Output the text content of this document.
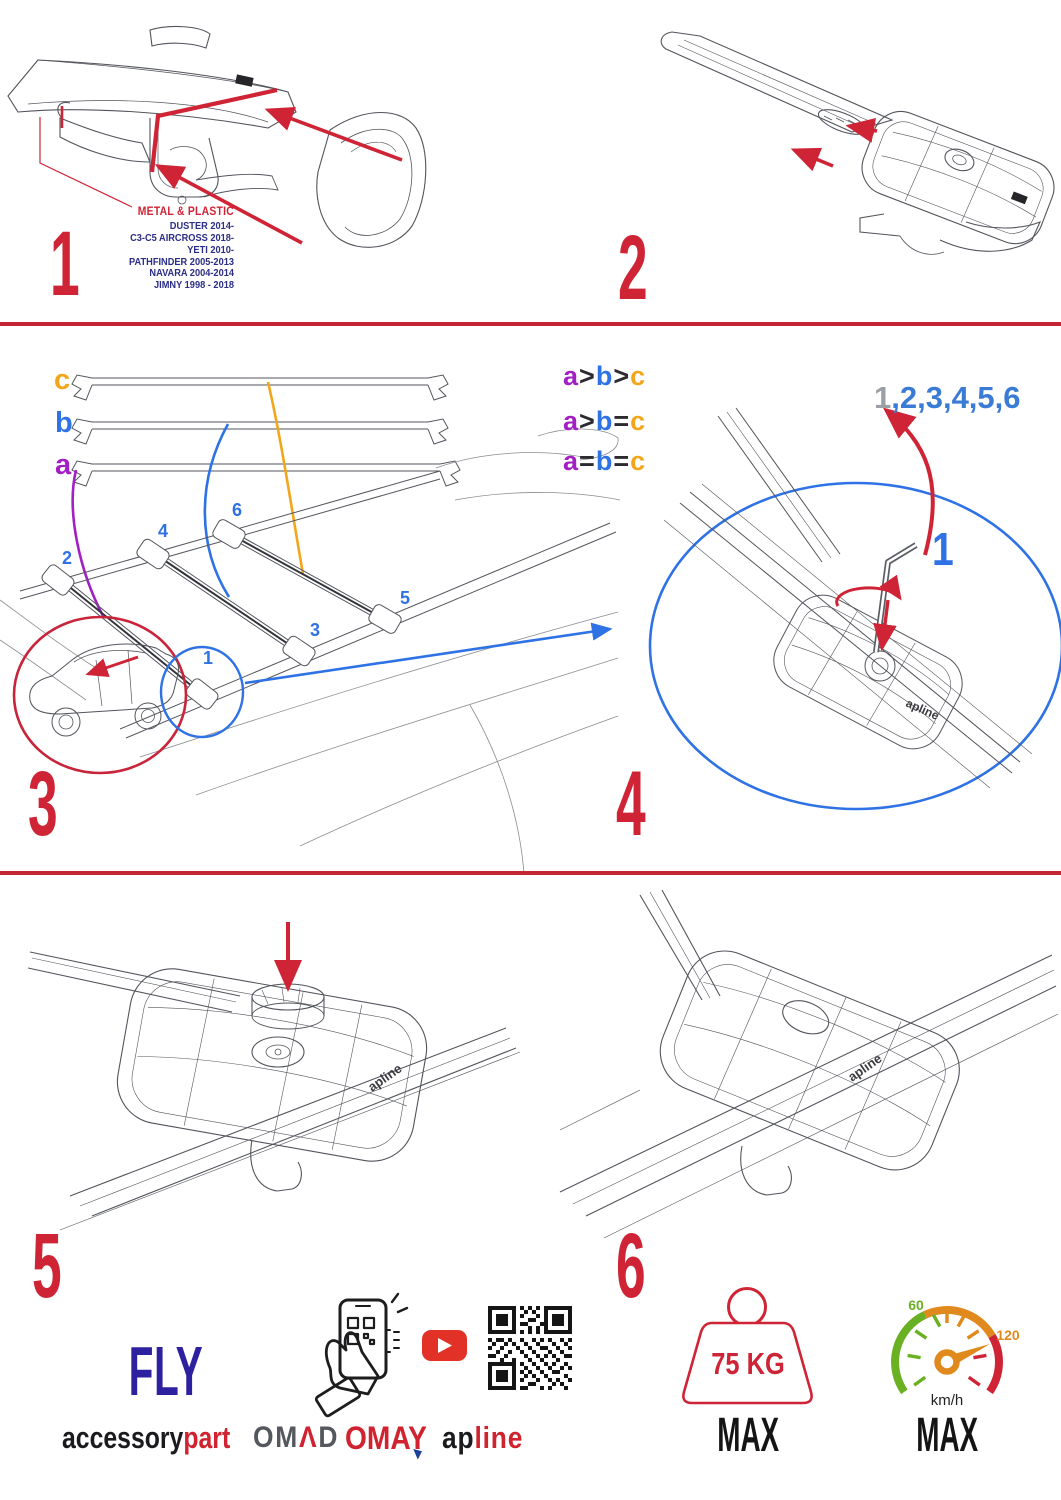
apline
apline	apline
60
120
1	2
3	4
5	6
METAL & PLASTIC
DUSTER 2014-
C3-C5 AIRCROSS 2018-
YETI 2010-
PATHFINDER 2005-2013
NAVARA 2004-2014
JIMNY 1998 - 2018
c
b
a
a>b>c
a>b=c
a=b=c
2
4
6
1
3
5
1,2,3,4,5,6
1
FLY
accessorypart OMΛD OMAY apline
75 KG
MAX
km/h
MAX
